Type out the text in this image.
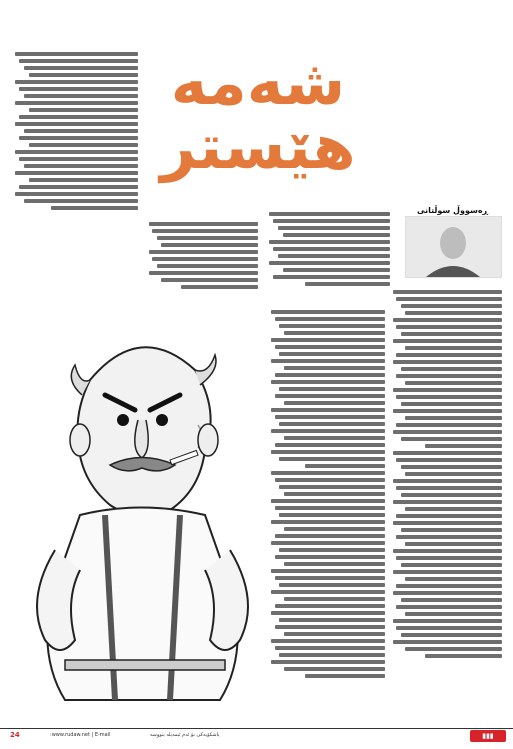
شەمە
هێستر
ڕەسووڵ سوڵتانی
پاشکۆیەکی بۆ ئەم ئیمەیلە بنووسە
www.rudaw.net | E-mail:
24	▮▮▮
